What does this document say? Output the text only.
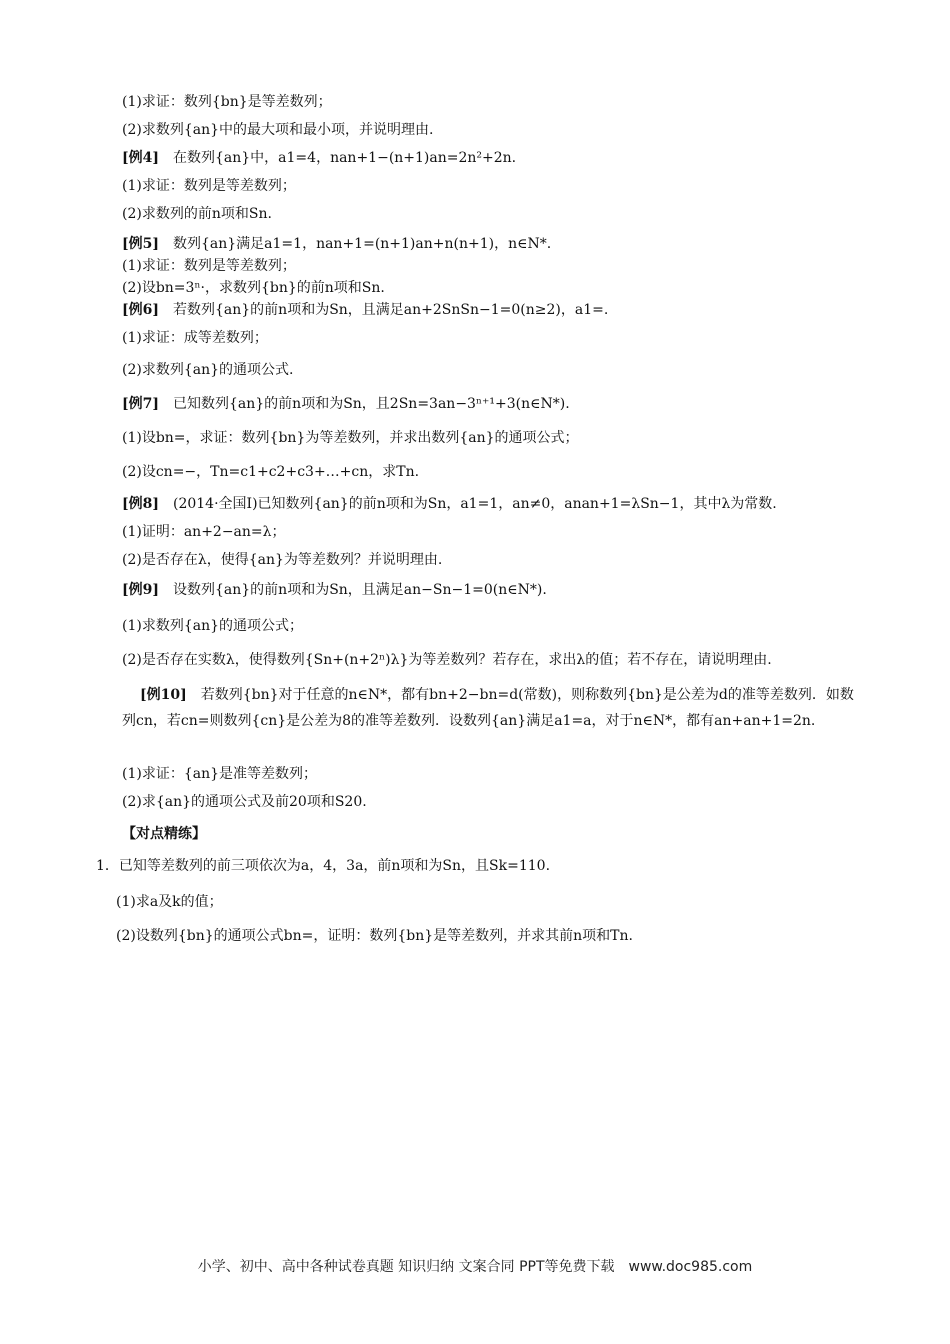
(1)求证：数列{bn}是等差数列；
(2)求数列{an}中的最大项和最小项，并说明理由.
[例4]　 在数列{an}中，a1=4，nan+1−(n+1)an=2n²+2n.
(1)求证：数列是等差数列；
(2)求数列的前n项和Sn.
[例5]　 数列{an}满足a1=1，nan+1=(n+1)an+n(n+1)，n∈N*.
(1)求证：数列是等差数列；
(2)设bn=3ⁿ·，求数列{bn}的前n项和Sn.
[例6]　 若数列{an}的前n项和为Sn，且满足an+2SnSn−1=0(n≥2)，a1=.
(1)求证：成等差数列；
(2)求数列{an}的通项公式.
[例7]　 已知数列{an}的前n项和为Sn，且2Sn=3an−3ⁿ⁺¹+3(n∈N*).
(1)设bn=，求证：数列{bn}为等差数列，并求出数列{an}的通项公式；
(2)设cn=−，Tn=c1+c2+c3+…+cn，求Tn.
[例8]　 (2014·全国Ⅰ)已知数列{an}的前n项和为Sn，a1=1，an≠0，anan+1=λSn−1，其中λ为常数.
(1)证明：an+2−an=λ；
(2)是否存在λ，使得{an}为等差数列？并说明理由.
[例9]　 设数列{an}的前n项和为Sn，且满足an−Sn−1=0(n∈N*).
(1)求数列{an}的通项公式；
(2)是否存在实数λ，使得数列{Sn+(n+2ⁿ)λ}为等差数列？若存在，求出λ的值；若不存在，请说明理由.
[例10]　 若数列{bn}对于任意的n∈N*，都有bn+2−bn=d(常数)，则称数列{bn}是公差为d的准等差数列．如数列cn，若cn=则数列{cn}是公差为8的准等差数列．设数列{an}满足a1=a，对于n∈N*，都有an+an+1=2n.
(1)求证：{an}是准等差数列；
(2)求{an}的通项公式及前20项和S20.
【对点精练】
1．已知等差数列的前三项依次为a，4，3a，前n项和为Sn，且Sk=110.
(1)求a及k的值；
(2)设数列{bn}的通项公式bn=，证明：数列{bn}是等差数列，并求其前n项和Tn.
小学、初中、高中各种试卷真题 知识归纳 文案合同 PPT等免费下载　www.doc985.com
